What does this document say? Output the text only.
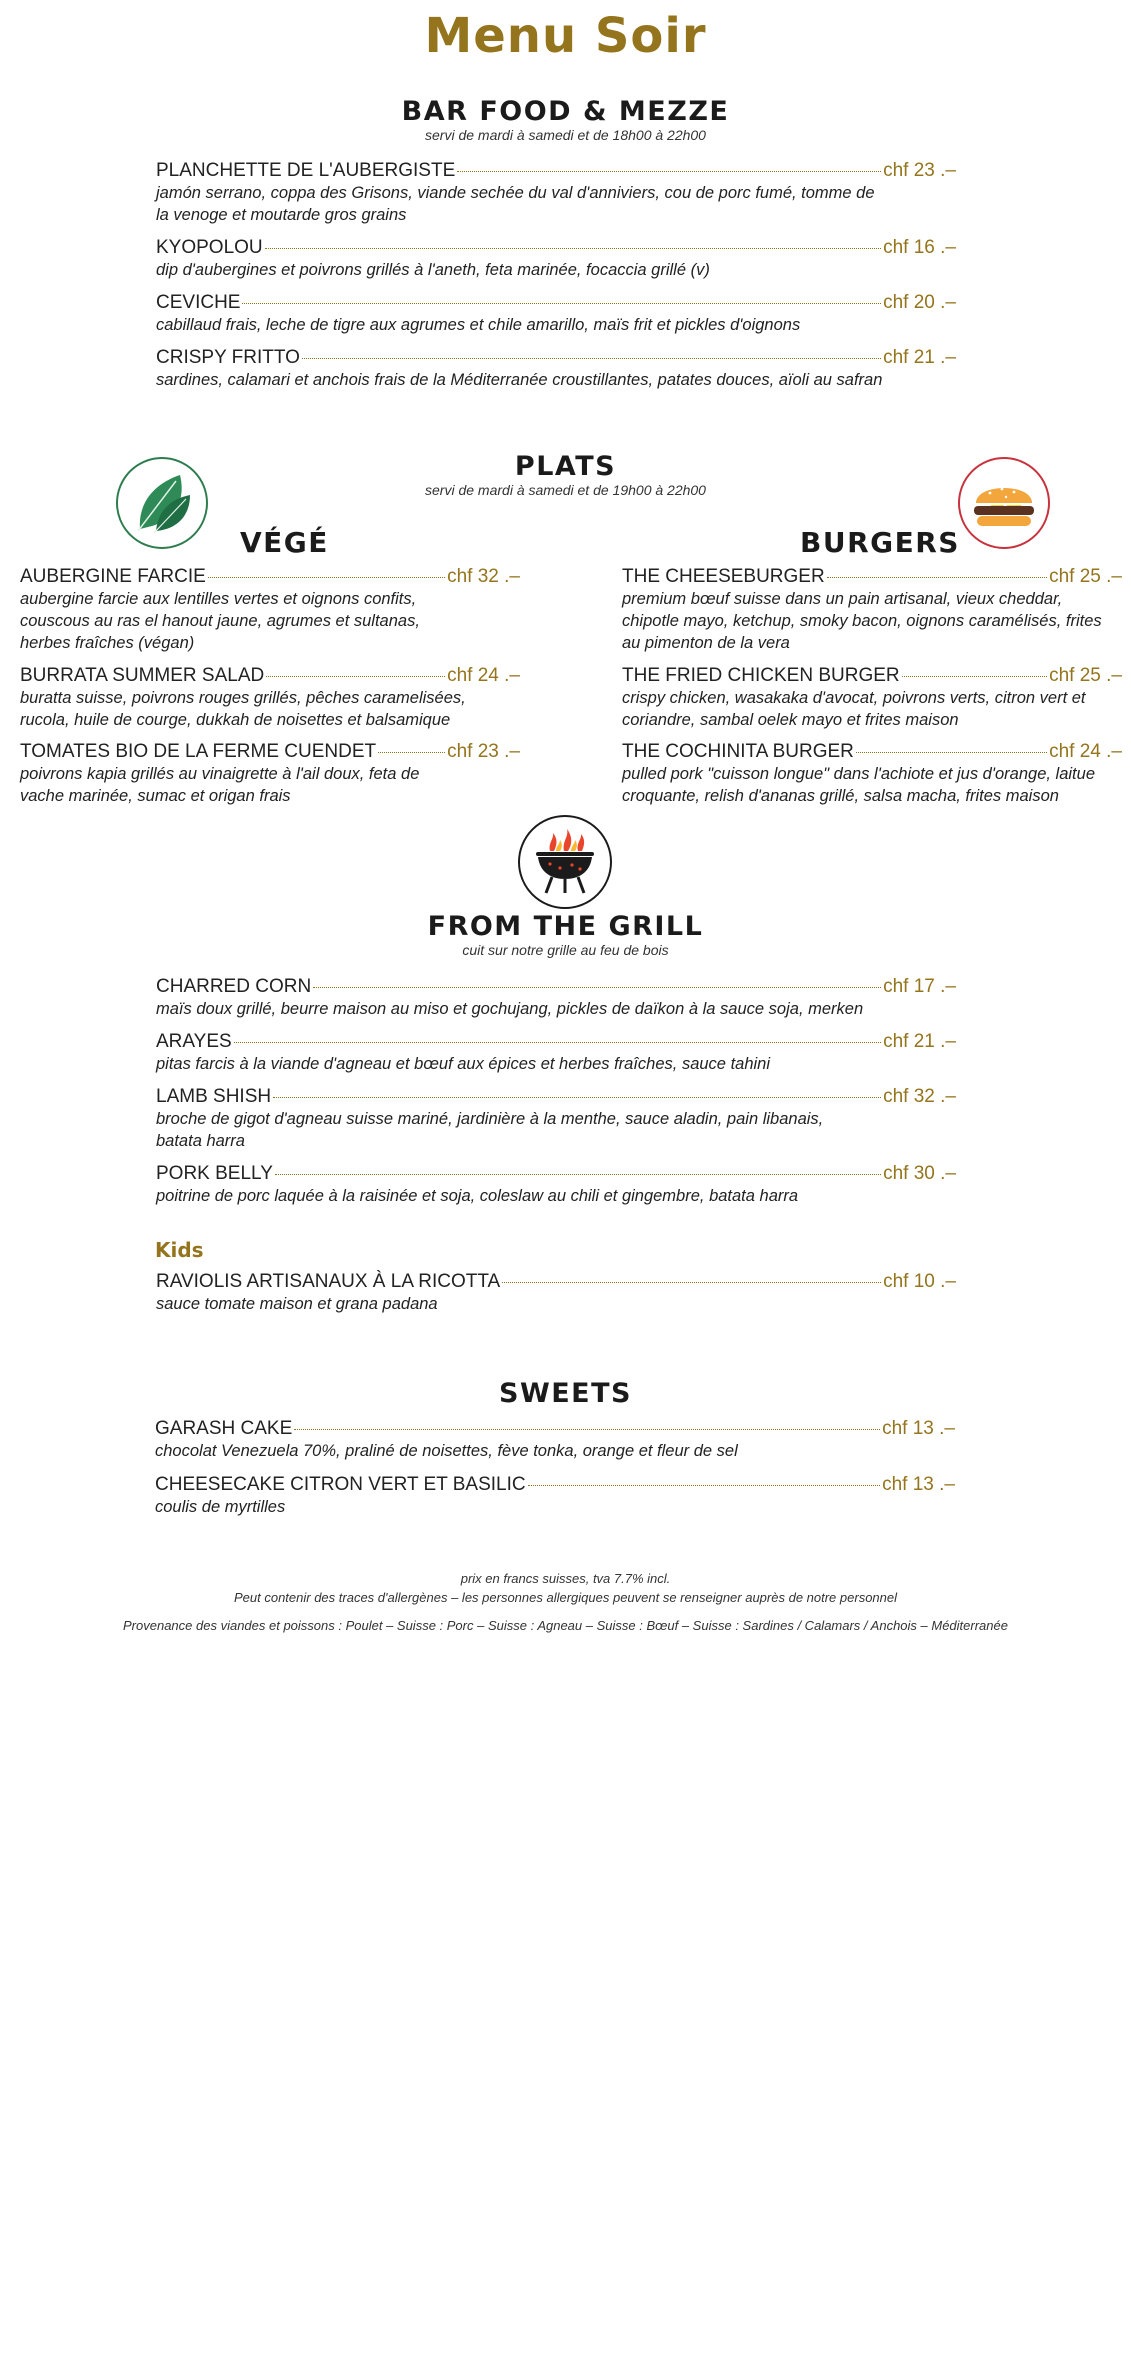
Menu Soir
BAR FOOD & MEZZE
servi de mardi à samedi et de 18h00 à 22h00
PLANCHETTE DE L'AUBERGISTE	chf 23 .–
jamón serrano, coppa des Grisons, viande sechée du val d'anniviers, cou de porc fumé, tomme de la venoge et moutarde gros grains
KYOPOLOU	chf 16 .–
dip d'aubergines et poivrons grillés à l'aneth, feta marinée, focaccia grillé (v)
CEVICHE	chf 20 .–
cabillaud frais, leche de tigre aux agrumes et chile amarillo, maïs frit et pickles d'oignons
CRISPY FRITTO	chf 21 .–
sardines, calamari et anchois frais de la Méditerranée croustillantes, patates douces, aïoli au safran
PLATS
servi de mardi à samedi et de 19h00 à 22h00
VÉGÉ	BURGERS
AUBERGINE FARCIE	chf 32 .–
aubergine farcie aux lentilles vertes et oignons confits, couscous au ras el hanout jaune, agrumes et sultanas, herbes fraîches (végan)
BURRATA SUMMER SALAD	chf 24 .–
buratta suisse, poivrons rouges grillés, pêches caramelisées, rucola, huile de courge, dukkah de noisettes et balsamique
TOMATES BIO DE LA FERME CUENDET	chf 23 .–
poivrons kapia grillés au vinaigrette à l'ail doux, feta de vache marinée, sumac et origan frais
THE CHEESEBURGER	chf 25 .–
premium bœuf suisse dans un pain artisanal, vieux cheddar, chipotle mayo, ketchup, smoky bacon, oignons caramélisés, frites au pimenton de la vera
THE FRIED CHICKEN BURGER	chf 25 .–
crispy chicken, wasakaka d'avocat, poivrons verts, citron vert et coriandre, sambal oelek mayo et frites maison
THE COCHINITA BURGER	chf 24 .–
pulled pork "cuisson longue" dans l'achiote et jus d'orange, laitue croquante, relish d'ananas grillé, salsa macha, frites maison
FROM THE GRILL
cuit sur notre grille au feu de bois
CHARRED CORN	chf 17 .–
maïs doux grillé, beurre maison au miso et gochujang, pickles de daïkon à la sauce soja, merken
ARAYES	chf 21 .–
pitas farcis à la viande d'agneau et bœuf aux épices et herbes fraîches, sauce tahini
LAMB SHISH	chf 32 .–
broche de gigot d'agneau suisse mariné, jardinière à la menthe, sauce aladin, pain libanais, batata harra
PORK BELLY	chf 30 .–
poitrine de porc laquée à la raisinée et soja, coleslaw au chili et gingembre, batata harra
Kids
RAVIOLIS ARTISANAUX À LA RICOTTA	chf 10 .–
sauce tomate maison et grana padana
SWEETS
GARASH CAKE	chf 13 .–
chocolat Venezuela 70%, praliné de noisettes, fève tonka, orange et fleur de sel
CHEESECAKE CITRON VERT ET BASILIC	chf 13 .–
coulis de myrtilles
prix en francs suisses, tva 7.7% incl.
Peut contenir des traces d'allergènes – les personnes allergiques peuvent se renseigner auprès de notre personnel
Provenance des viandes et poissons : Poulet – Suisse : Porc – Suisse : Agneau – Suisse : Bœuf – Suisse : Sardines / Calamars / Anchois – Méditerranée
